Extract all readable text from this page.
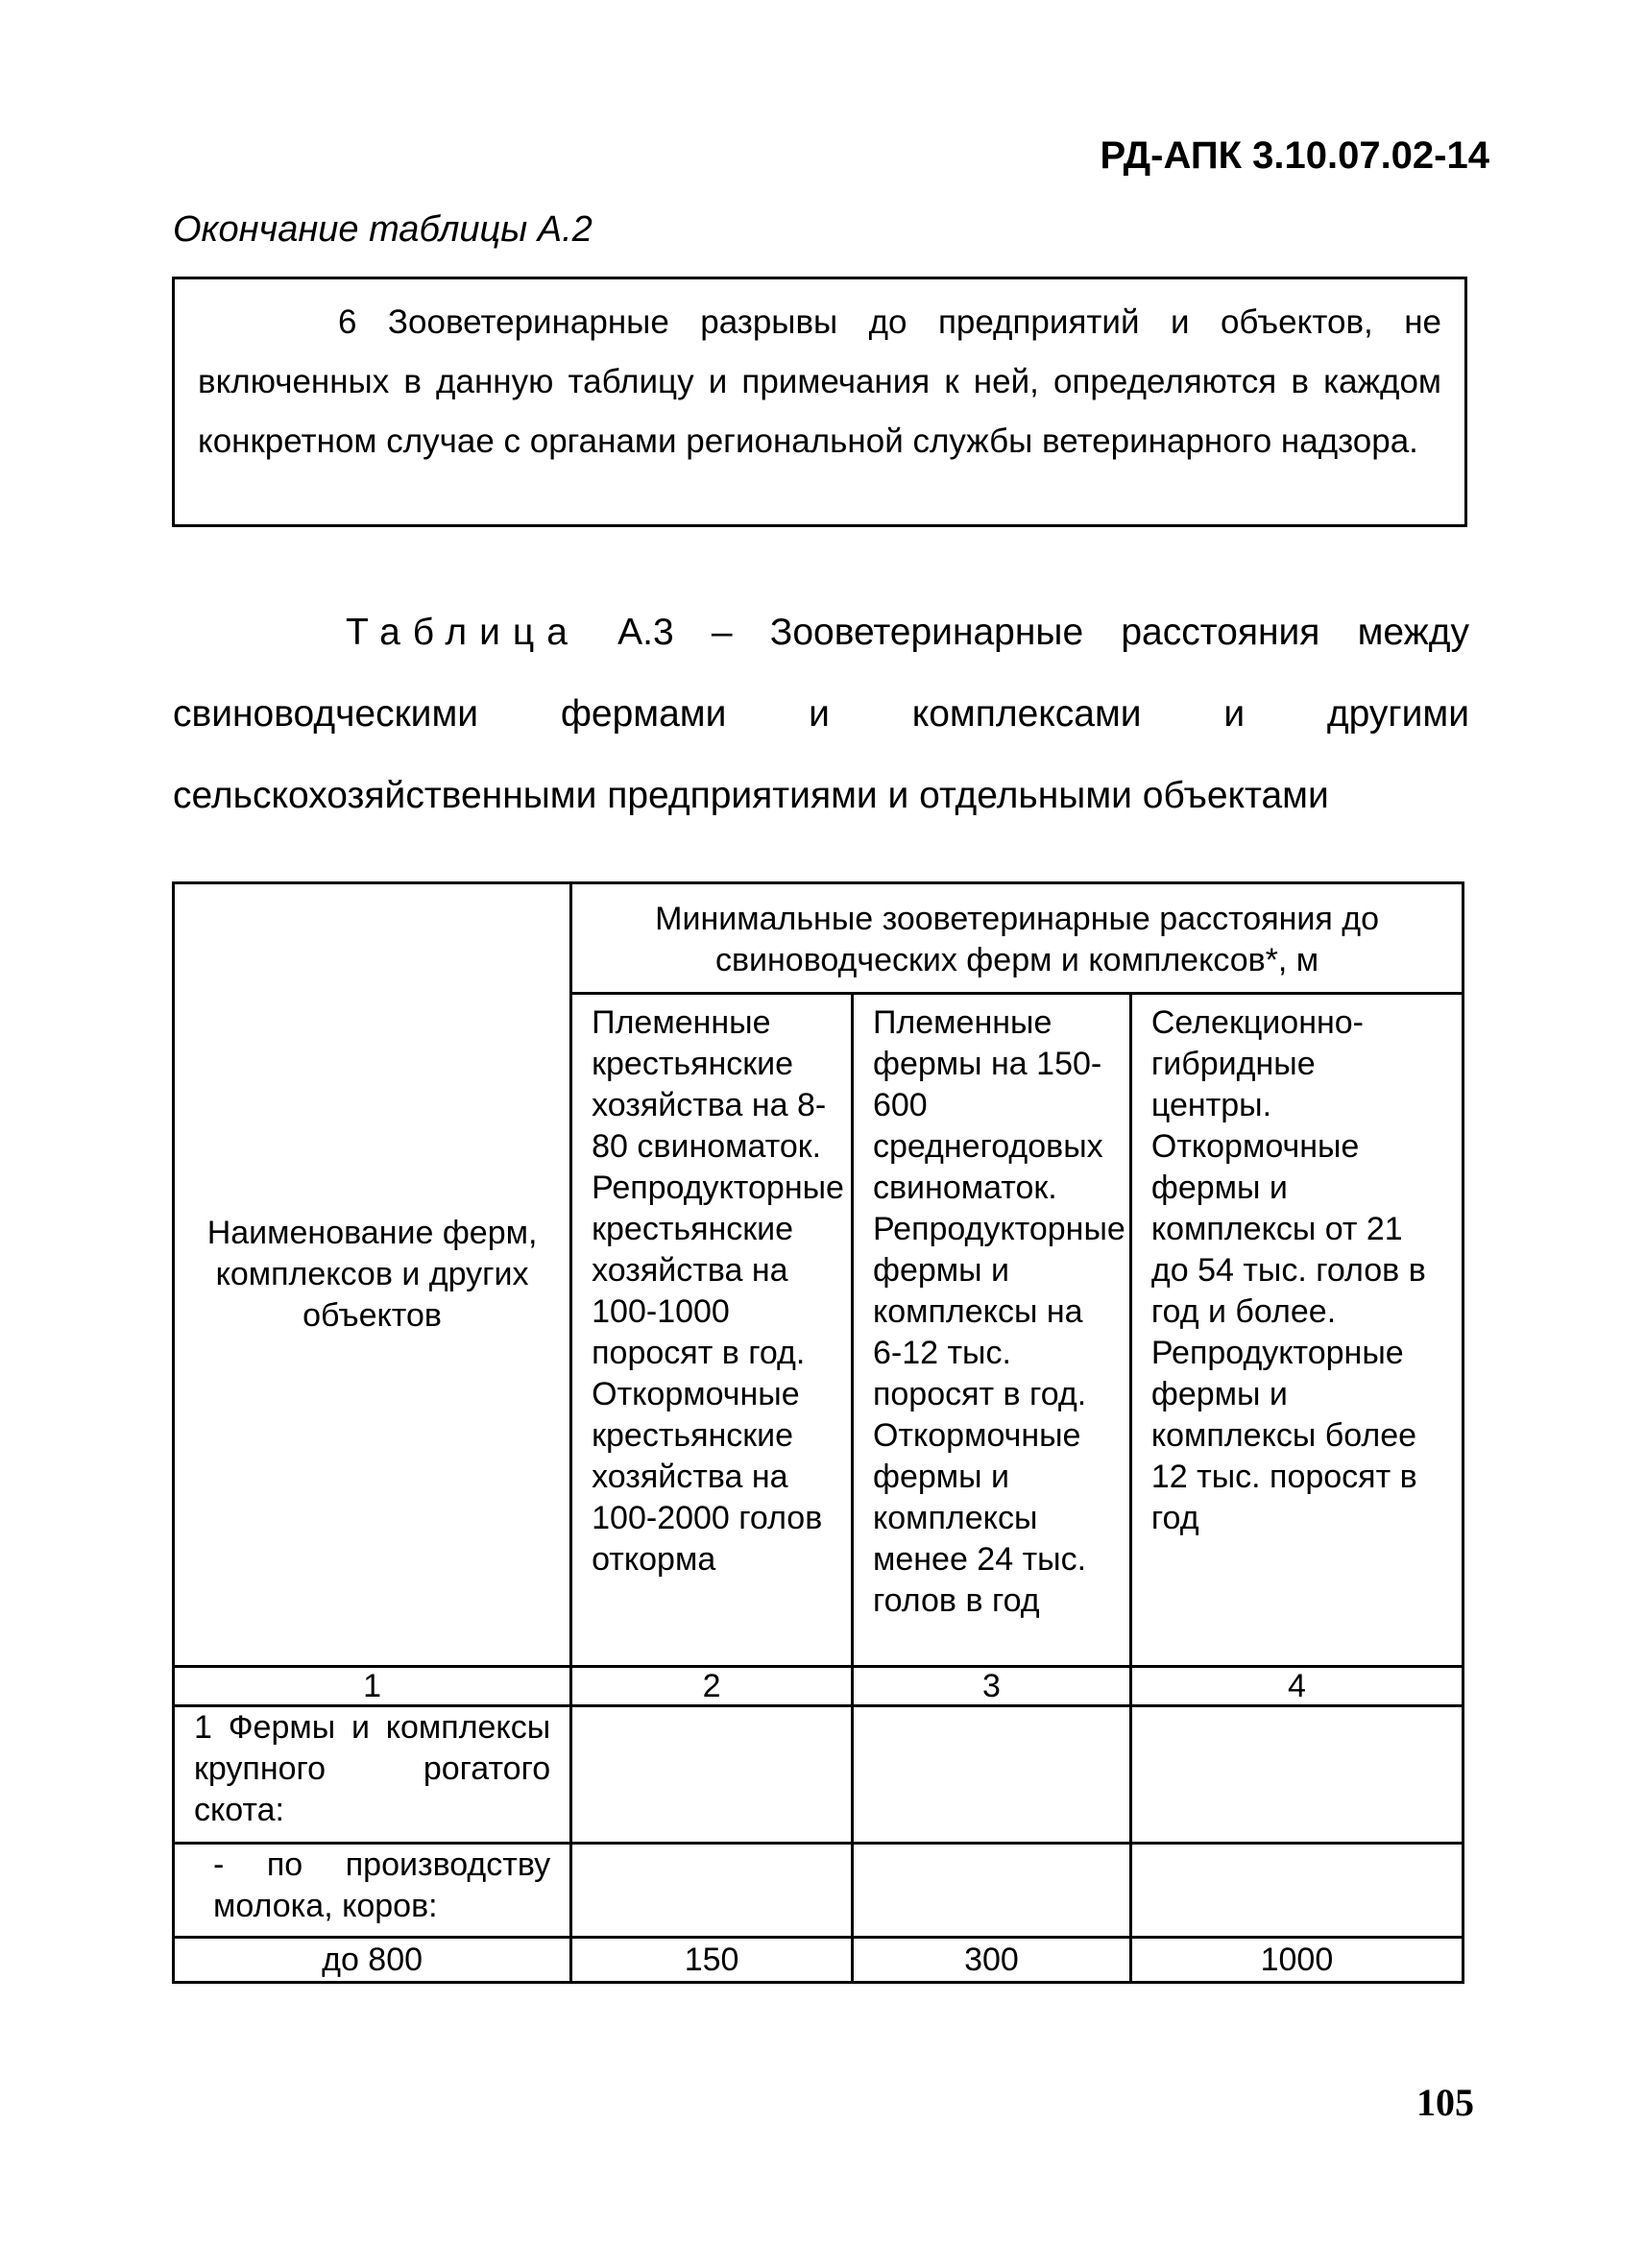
РД-АПК 3.10.07.02-14
Окончание таблицы А.2

6 Зооветеринарные разрывы до предприятий и объектов, не включенных в данную таблицу и примечания к ней, определяются в каждом конкретном случае с органами региональной службы ветеринарного надзора.

Таблица А.3 – Зооветеринарные расстояния между свиноводческими фермами и комплексами и другими сельскохозяйственными предприятиями и отдельными объектами

Наименование ферм, комплексов и других объектов	Минимальные зооветеринарные расстояния до свиноводческих ферм и комплексов*, м		
	Племенные крестьянские хозяйства на 8-80 свиноматок. Репродукторные крестьянские хозяйства на 100-1000 поросят в год. Откормочные крестьянские хозяйства на 100-2000 голов откорма	Племенные фермы на 150-600 среднегодовых свиноматок. Репродукторные фермы и комплексы на 6-12 тыс. поросят в год. Откормочные фермы и комплексы менее 24 тыс. голов в год	Селекционно-гибридные центры. Откормочные фермы и комплексы от 21 до 54 тыс. голов в год и более. Репродукторные фермы и комплексы более 12 тыс. поросят в год
1	2	3	4
1 Фермы и комплексы крупного рогатого скота:			
- по производству молока, коров:			
до 800	150	300	1000
105
